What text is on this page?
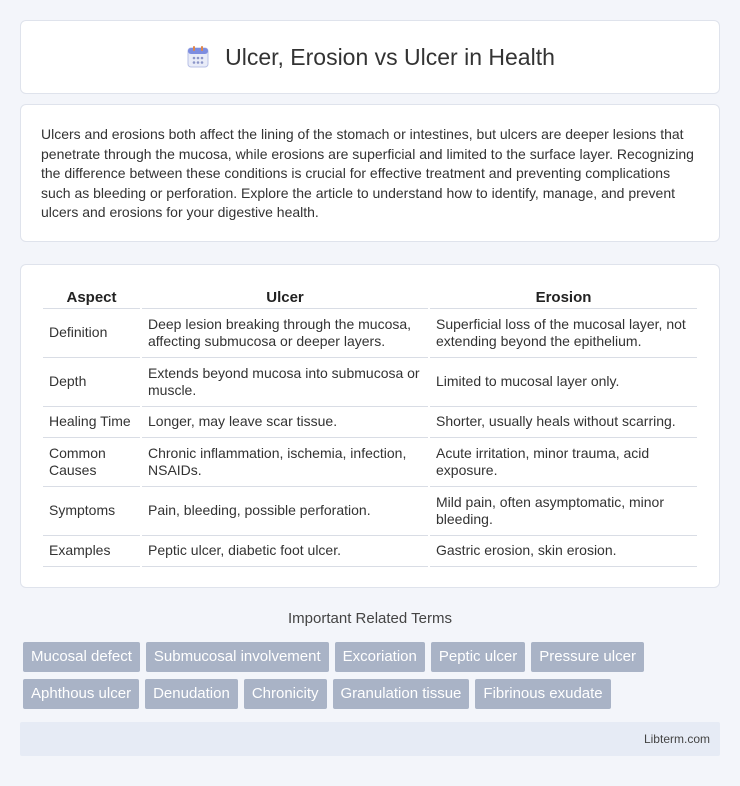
Ulcer, Erosion vs Ulcer in Health

Ulcers and erosions both affect the lining of the stomach or intestines, but ulcers are deeper lesions that penetrate through the mucosa, while erosions are superficial and limited to the surface layer. Recognizing the difference between these conditions is crucial for effective treatment and preventing complications such as bleeding or perforation. Explore the article to understand how to identify, manage, and prevent ulcers and erosions for your digestive health.

Aspect	Ulcer	Erosion
Definition	Deep lesion breaking through the mucosa, affecting submucosa or deeper layers.	Superficial loss of the mucosal layer, not extending beyond the epithelium.
Depth	Extends beyond mucosa into submucosa or muscle.	Limited to mucosal layer only.
Healing Time	Longer, may leave scar tissue.	Shorter, usually heals without scarring.
Common Causes	Chronic inflammation, ischemia, infection, NSAIDs.	Acute irritation, minor trauma, acid exposure.
Symptoms	Pain, bleeding, possible perforation.	Mild pain, often asymptomatic, minor bleeding.
Examples	Peptic ulcer, diabetic foot ulcer.	Gastric erosion, skin erosion.
Important Related Terms
Mucosal defect	Submucosal involvement	Excoriation	Peptic ulcer	Pressure ulcer
Aphthous ulcer	Denudation	Chronicity	Granulation tissue	Fibrinous exudate
Libterm.com
